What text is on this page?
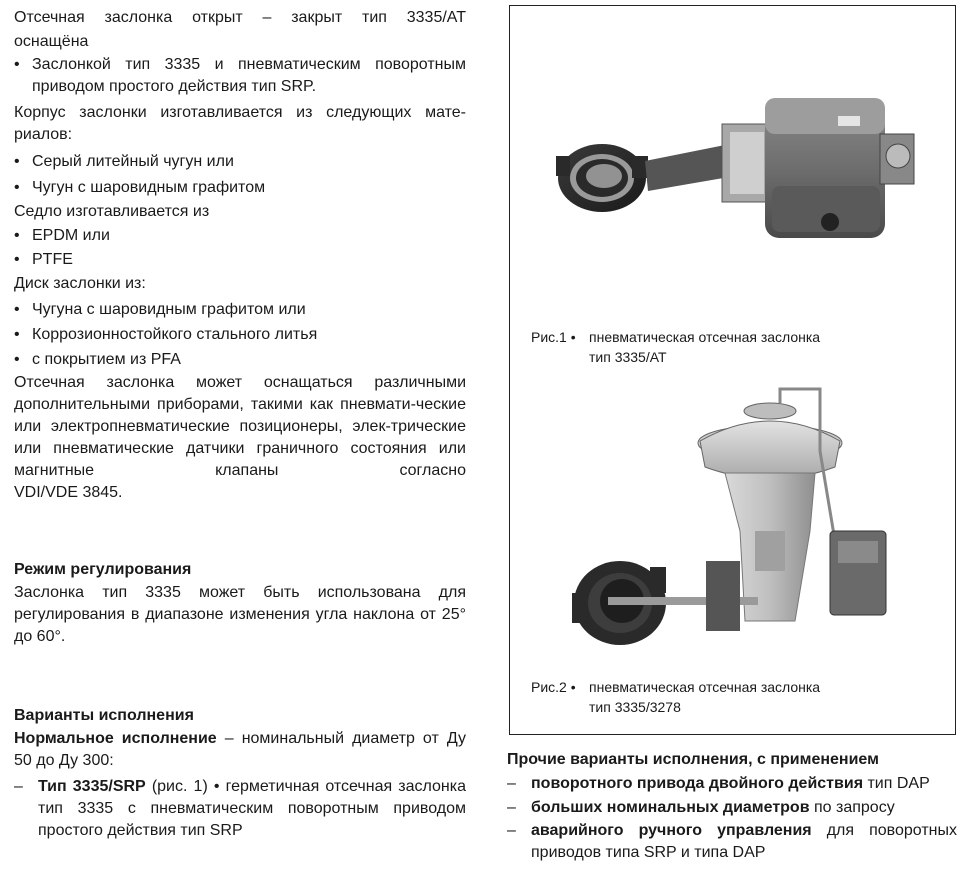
Отсечная заслонка открыт – закрыт тип 3335/АТ

оснащёна

• Заслонкой тип 3335 и пневматическим поворотным приводом простого действия тип SRP.

Корпус заслонки изготавливается из следующих мате-риалов:

• Серый литейный чугун или

• Чугун с шаровидным графитом

Седло изготавливается из

• EPDM или

• PTFE

Диск заслонки из:

• Чугуна с шаровидным графитом или

• Коррозионностойкого стального литья

• с покрытием из PFA

Отсечная заслонка может оснащаться различными дополнительными приборами, такими как пневмати-ческие или электропневматические позиционеры, элек-трические или пневматические датчики граничного состояния или магнитные клапаны согласно

VDI/VDE 3845.

Режим регулирования

Заслонка тип 3335 может быть использована для регулирования в диапазоне изменения угла наклона от 25° до 60°.

Варианты исполнения

Нормальное исполнение – номинальный диаметр от Ду 50 до Ду 300:

– Тип 3335/SRP (рис. 1) • герметичная отсечная заслонка тип 3335 с пневматическим поворотным приводом простого действия тип SRP

Рис.1 • пневматическая отсечная заслонка
тип 3335/АТ
Рис.2 • пневматическая отсечная заслонка
тип 3335/3278

Прочие варианты исполнения, с применением

– поворотного привода двойного действия тип DAP

– больших номинальных диаметров по запросу

– аварийного ручного управления для поворотных приводов типа SRP и типа DAP
